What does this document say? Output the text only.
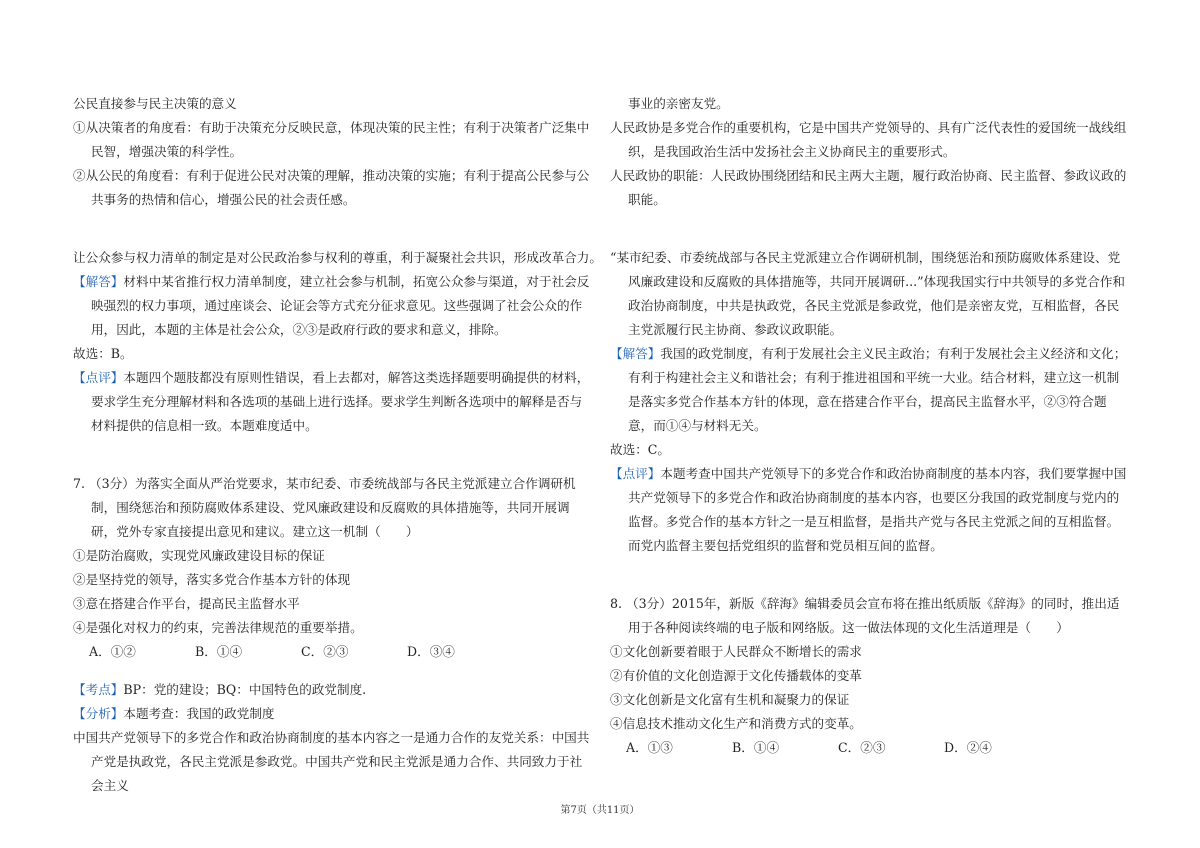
公民直接参与民主决策的意义
①从决策者的角度看：有助于决策充分反映民意，体现决策的民主性；有利于决策者广泛集中民智，增强决策的科学性。
②从公民的角度看：有利于促进公民对决策的理解，推动决策的实施；有利于提高公民参与公共事务的热情和信心，增强公民的社会责任感。
让公众参与权力清单的制定是对公民政治参与权利的尊重，利于凝聚社会共识，形成改革合力。
【解答】材料中某省推行权力清单制度，建立社会参与机制，拓宽公众参与渠道，对于社会反映强烈的权力事项，通过座谈会、论证会等方式充分征求意见。这些强调了社会公众的作用，因此，本题的主体是社会公众，②③是政府行政的要求和意义，排除。
故选：B。
【点评】本题四个题肢都没有原则性错误，看上去都对，解答这类选择题要明确提供的材料，要求学生充分理解材料和各选项的基础上进行选择。要求学生判断各选项中的解释是否与材料提供的信息相一致。本题难度适中。
7. （3分）为落实全面从严治党要求，某市纪委、市委统战部与各民主党派建立合作调研机制，围绕惩治和预防腐败体系建设、党风廉政建设和反腐败的具体措施等，共同开展调研，党外专家直接提出意见和建议。建立这一机制（　　）
①是防治腐败，实现党风廉政建设目标的保证
②是坚持党的领导，落实多党合作基本方针的体现
③意在搭建合作平台，提高民主监督水平
④是强化对权力的约束，完善法律规范的重要举措。
A．①②	B．①④	C．②③	D．③④
【考点】BP：党的建设；BQ：中国特色的政党制度.
【分析】本题考查：我国的政党制度
中国共产党领导下的多党合作和政治协商制度的基本内容之一是通力合作的友党关系：中国共产党是执政党，各民主党派是参政党。中国共产党和民主党派是通力合作、共同致力于社会主义
事业的亲密友党。
人民政协是多党合作的重要机构，它是中国共产党领导的、具有广泛代表性的爱国统一战线组织，是我国政治生活中发扬社会主义协商民主的重要形式。
人民政协的职能：人民政协围绕团结和民主两大主题，履行政治协商、民主监督、参政议政的职能。
“某市纪委、市委统战部与各民主党派建立合作调研机制，围绕惩治和预防腐败体系建设、党风廉政建设和反腐败的具体措施等，共同开展调研...”体现我国实行中共领导的多党合作和政治协商制度，中共是执政党，各民主党派是参政党，他们是亲密友党，互相监督，各民主党派履行民主协商、参政议政职能。
【解答】我国的政党制度，有利于发展社会主义民主政治；有利于发展社会主义经济和文化；有利于构建社会主义和谐社会；有利于推进祖国和平统一大业。结合材料，建立这一机制是落实多党合作基本方针的体现，意在搭建合作平台，提高民主监督水平，②③符合题意，而①④与材料无关。
故选：C。
【点评】本题考查中国共产党领导下的多党合作和政治协商制度的基本内容，我们要掌握中国共产党领导下的多党合作和政治协商制度的基本内容，也要区分我国的政党制度与党内的监督。多党合作的基本方针之一是互相监督，是指共产党与各民主党派之间的互相监督。而党内监督主要包括党组织的监督和党员相互间的监督。
8. （3分）2015年，新版《辞海》编辑委员会宣布将在推出纸质版《辞海》的同时，推出适用于各种阅读终端的电子版和网络版。这一做法体现的文化生活道理是（　　）
①文化创新要着眼于人民群众不断增长的需求
②有价值的文化创造源于文化传播载体的变革
③文化创新是文化富有生机和凝聚力的保证
④信息技术推动文化生产和消费方式的变革。
A．①③	B．①④	C．②③	D．②④
第7页（共11页）
